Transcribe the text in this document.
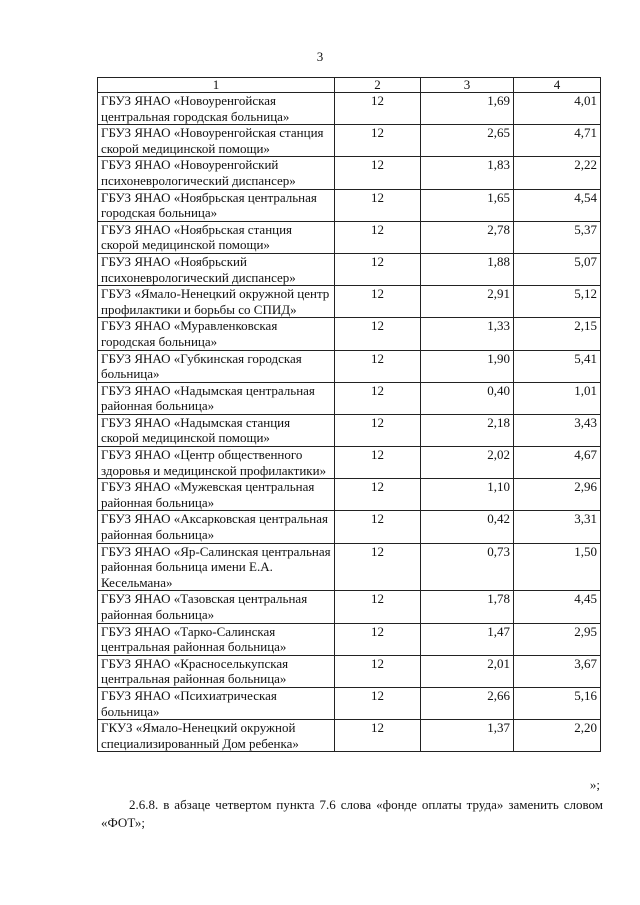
3
1	2	3	4
ГБУЗ ЯНАО «Новоуренгойская центральная городская больница»	12	1,69	4,01
ГБУЗ ЯНАО «Новоуренгойская станция скорой медицинской помощи»	12	2,65	4,71
ГБУЗ ЯНАО «Новоуренгойский психоневрологический диспансер»	12	1,83	2,22
ГБУЗ ЯНАО «Ноябрьская центральная городская больница»	12	1,65	4,54
ГБУЗ ЯНАО «Ноябрьская станция скорой медицинской помощи»	12	2,78	5,37
ГБУЗ ЯНАО «Ноябрьский психоневрологический диспансер»	12	1,88	5,07
ГБУЗ «Ямало-Ненецкий окружной центр профилактики и борьбы со СПИД»	12	2,91	5,12
ГБУЗ ЯНАО «Муравленковская городская больница»	12	1,33	2,15
ГБУЗ ЯНАО «Губкинская городская больница»	12	1,90	5,41
ГБУЗ ЯНАО «Надымская центральная районная больница»	12	0,40	1,01
ГБУЗ ЯНАО «Надымская станция скорой медицинской помощи»	12	2,18	3,43
ГБУЗ ЯНАО «Центр общественного здоровья и медицинской профилактики»	12	2,02	4,67
ГБУЗ ЯНАО «Мужевская центральная районная больница»	12	1,10	2,96
ГБУЗ ЯНАО «Аксарковская центральная районная больница»	12	0,42	3,31
ГБУЗ ЯНАО «Яр-Салинская центральная районная больница имени Е.А. Кесельмана»	12	0,73	1,50
ГБУЗ ЯНАО «Тазовская центральная районная больница»	12	1,78	4,45
ГБУЗ ЯНАО «Тарко-Салинская центральная районная больница»	12	1,47	2,95
ГБУЗ ЯНАО «Красноселькупская центральная районная больница»	12	2,01	3,67
ГБУЗ ЯНАО «Психиатрическая больница»	12	2,66	5,16
ГКУЗ «Ямало-Ненецкий окружной специализированный Дом ребенка»	12	1,37	2,20
»;
2.6.8. в абзаце четвертом пункта 7.6 слова «фонде оплаты труда» заменить словом «ФОТ»;
